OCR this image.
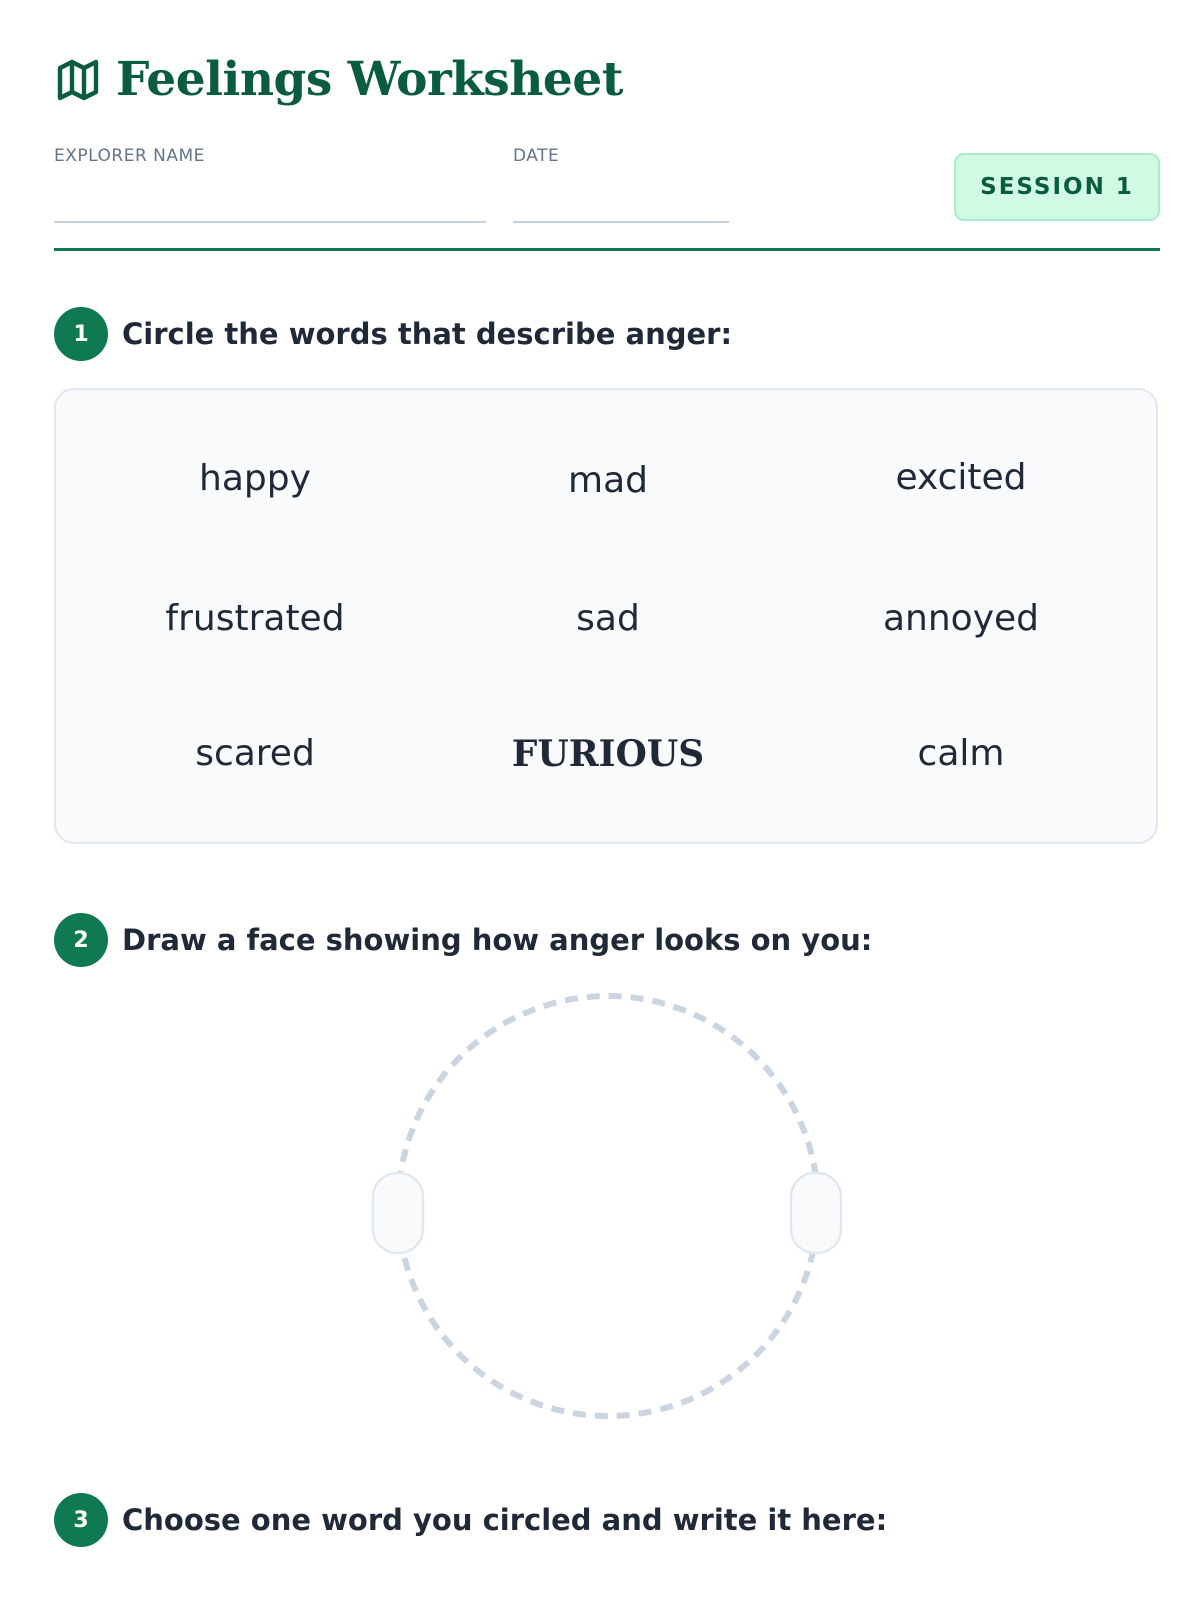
Feelings Worksheet
EXPLORER NAME	DATE
SESSION 1
1	Circle the words that describe anger:
happy	mad	excited
frustrated	sad	annoyed
scared	FURIOUS	calm
2	Draw a face showing how anger looks on you:
3	Choose one word you circled and write it here:
